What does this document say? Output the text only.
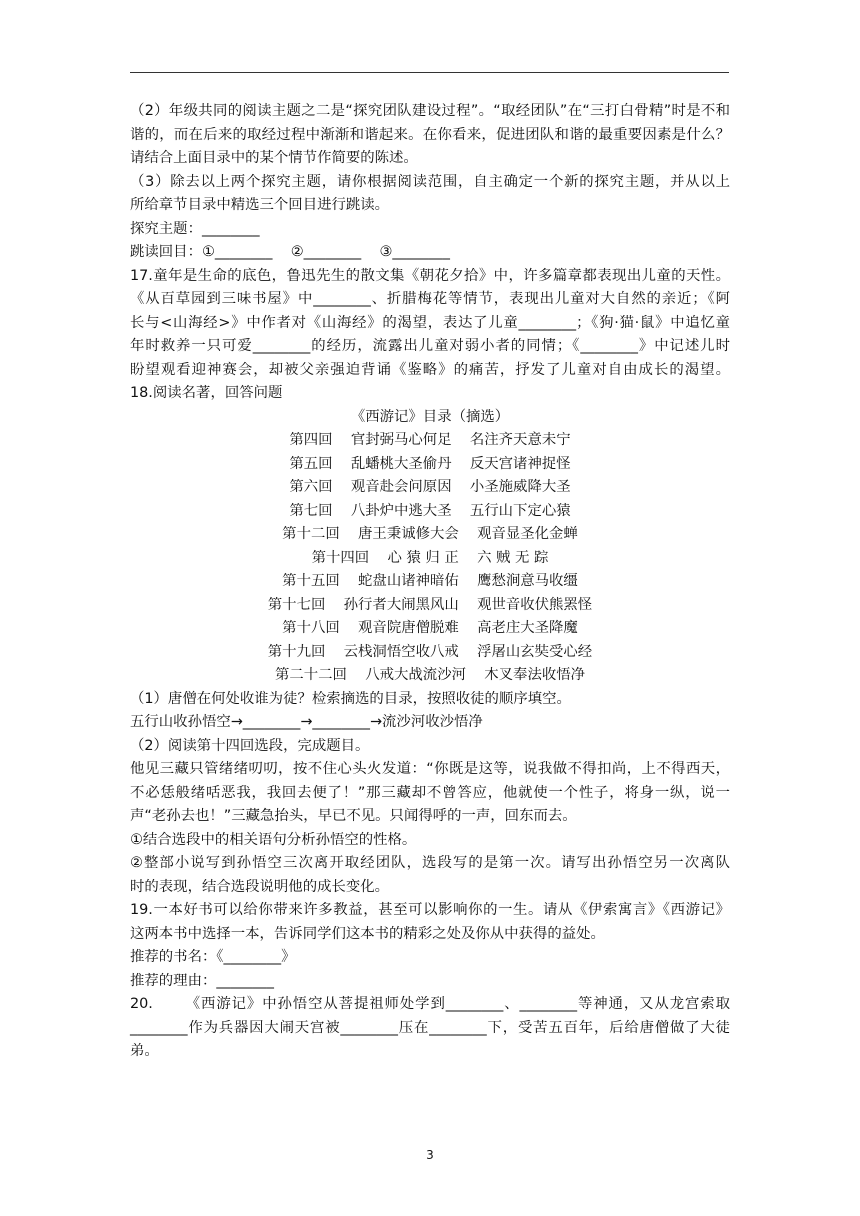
（2）年级共同的阅读主题之二是“探究团队建设过程”。“取经团队”在“三打白骨精”时是不和
谐的，而在后来的取经过程中渐渐和谐起来。在你看来，促进团队和谐的最重要因素是什么？
请结合上面目录中的某个情节作简要的陈述。
（3）除去以上两个探究主题，请你根据阅读范围，自主确定一个新的探究主题，并从以上
所给章节目录中精选三个回目进行跳读。
探究主题：________
跳读回目：①________    ②________    ③________
17.童年是生命的底色，鲁迅先生的散文集《朝花夕拾》中，许多篇章都表现出儿童的天性。
《从百草园到三味书屋》中________、折腊梅花等情节，表现出儿童对大自然的亲近；《阿
长与<山海经>》中作者对《山海经》的渴望，表达了儿童________；《狗·猫·鼠》中追忆童
年时救养一只可爱________的经历，流露出儿童对弱小者的同情；《________》中记述儿时
盼望观看迎神赛会，却被父亲强迫背诵《鉴略》的痛苦，抒发了儿童对自由成长的渴望。
18.阅读名著，回答问题
《西游记》目录（摘选）
第四回    官封弼马心何足    名注齐天意未宁
第五回    乱蟠桃大圣偷丹    反天宫诸神捉怪
第六回    观音赴会问原因    小圣施威降大圣
第七回    八卦炉中逃大圣    五行山下定心猿
第十二回    唐王秉诚修大会    观音显圣化金蝉
第十四回    心 猿 归 正    六 贼 无 踪
第十五回    蛇盘山诸神暗佑    鹰愁涧意马收缰
第十七回    孙行者大闹黑风山    观世音收伏熊罴怪
第十八回    观音院唐僧脱难    高老庄大圣降魔
第十九回    云栈洞悟空收八戒    浮屠山玄奘受心经
第二十二回    八戒大战流沙河    木叉奉法收悟净
（1）唐僧在何处收谁为徒？检索摘选的目录，按照收徒的顺序填空。
五行山收孙悟空→________→________→流沙河收沙悟净
（2）阅读第十四回选段，完成题目。
他见三藏只管绪绪叨叨，按不住心头火发道：“你既是这等，说我做不得扣尚，上不得西天，
不必恁般绪咶恶我，我回去便了！”那三藏却不曾答应，他就使一个性子，将身一纵，说一
声“老孙去也！”三藏急抬头，早已不见。只闻得呼的一声，回东而去。
①结合选段中的相关语句分析孙悟空的性格。
②整部小说写到孙悟空三次离开取经团队，选段写的是第一次。请写出孙悟空另一次离队
时的表现，结合选段说明他的成长变化。
19.一本好书可以给你带来许多教益，甚至可以影响你的一生。请从《伊索寓言》《西游记》
这两本书中选择一本，告诉同学们这本书的精彩之处及你从中获得的益处。
推荐的书名：《________》
推荐的理由：________
20.      《西游记》中孙悟空从菩提祖师处学到________、________等神通，又从龙宫索取
________作为兵器因大闹天宫被________压在________下，受苦五百年，后给唐僧做了大徒
弟。
3
